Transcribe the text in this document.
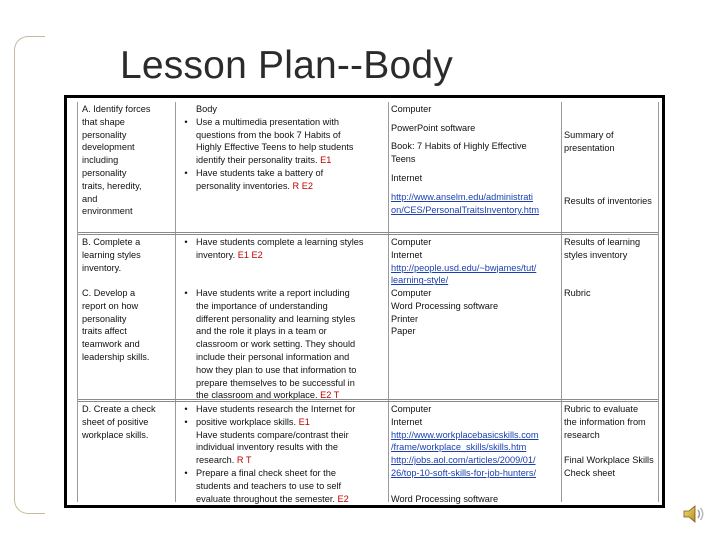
Lesson Plan--Body
A. Identify forces
that shape
personality
development
including
personality
traits, heredity,
and
environment
•
•
Body
Use a multimedia presentation with
questions from the book 7 Habits of
Highly Effective Teens to help students
identify their personality traits. E1
Have students take a battery of
personality inventories. R E2
Computer
PowerPoint software
Book: 7 Habits of Highly Effective
Teens
Internet
http://www.anselm.edu/administrati
on/CES/PersonalTraitsInventory.htm
Summary of
presentation
Results of inventories
B. Complete a
learning styles
inventory.
• Have students complete a learning styles
inventory. E1 E2
Computer
Internet
http://people.usd.edu/~bwjames/tut/
learning-style/
Results of learning
styles inventory
C. Develop a
report on how
personality
traits affect
teamwork and
leadership skills.
• Have students write a report including
the importance of understanding
different personality and learning styles
and the role it plays in a team or
classroom or work setting. They should
include their personal information and
how they plan to use that information to
prepare themselves to be successful in
the classroom and workplace. E2 T
Computer
Word Processing software
Printer
Paper
Rubric
D. Create a check
sheet of positive
workplace skills.
•
•
•
Have students research the Internet for
positive workplace skills. E1
Have students compare/contrast their
individual inventory results with the
research. R T
Prepare a final check sheet for the
students and teachers to use to self
evaluate throughout the semester. E2
Computer
Internet
http://www.workplacebasicskills.com
/frame/workplace_skills/skills.htm
http://jobs.aol.com/articles/2009/01/
26/top-10-soft-skills-for-job-hunters/
Word Processing software
Rubric to evaluate
the information from
research
Final Workplace Skills
Check sheet
